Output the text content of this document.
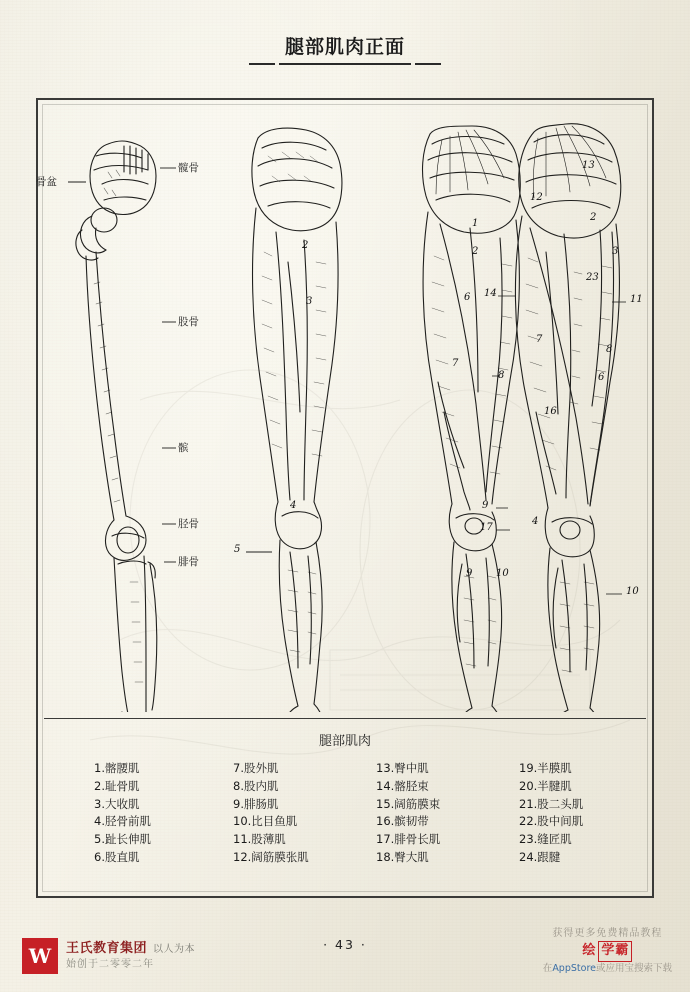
腿部肌肉正面
骨盆
髋骨
股骨
髌
胫骨
腓骨
2
3
4
5
1
2
6
7
8
9 10
13
12
2
3
23
14
11
7
8
6
16
9
17
4
10
腿部肌肉
1.髂腰肌
2.耻骨肌
3.大收肌
4.胫骨前肌
5.趾长伸肌
6.股直肌
7.股外肌
8.股内肌
9.腓肠肌
10.比目鱼肌
11.股薄肌
12.阔筋膜张肌
13.臀中肌
14.髂胫束
15.阔筋膜束
16.髌韧带
17.腓骨长肌
18.臀大肌
19.半膜肌
20.半腱肌
21.股二头肌
22.股中间肌
23.缝匠肌
24.跟腱
· 43 ·
W	王氏教育集团 以人为本
始创于二零零二年
获得更多免费精品教程
绘 学霸
在AppStore或应用宝搜索下载
